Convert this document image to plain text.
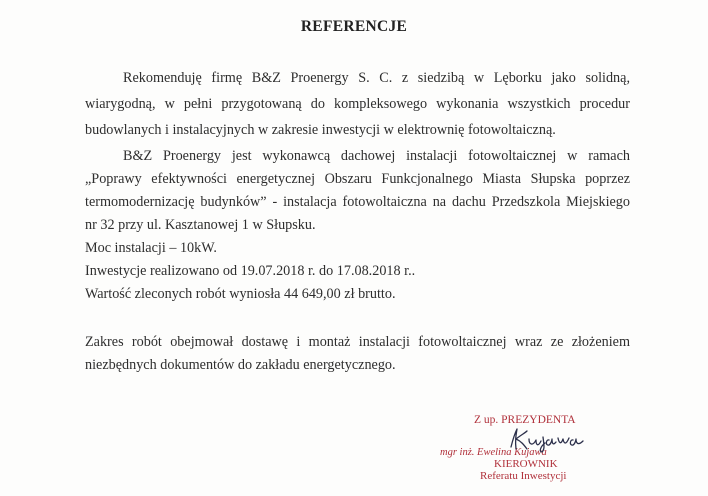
REFERENCJE
Rekomenduję firmę B&Z Proenergy S. C. z siedzibą w Lęborku jako solidną,
wiarygodną, w pełni przygotowaną do kompleksowego wykonania wszystkich procedur
budowlanych i instalacyjnych w zakresie inwestycji w elektrownię fotowoltaiczną.
B&Z Proenergy jest wykonawcą dachowej instalacji fotowoltaicznej w ramach
„Poprawy efektywności energetycznej Obszaru Funkcjonalnego Miasta Słupska poprzez
termomodernizację budynków” - instalacja fotowoltaiczna na dachu Przedszkola Miejskiego
nr 32 przy ul. Kasztanowej 1 w Słupsku.
Moc instalacji – 10kW.
Inwestycje realizowano od 19.07.2018 r. do 17.08.2018 r..
Wartość zleconych robót wyniosła 44 649,00 zł brutto.
Zakres robót obejmował dostawę i montaż instalacji fotowoltaicznej wraz ze złożeniem
niezbędnych dokumentów do zakładu energetycznego.
Z up. PREZYDENTA
mgr inż. Ewelina Kujawa
KIEROWNIK
Referatu Inwestycji
